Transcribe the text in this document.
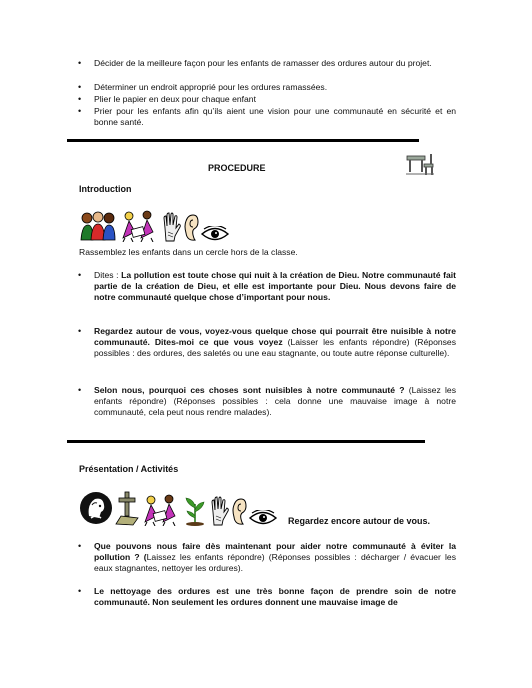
• Décider de la meilleure façon pour les enfants de ramasser des ordures autour du projet.
• Déterminer un endroit approprié pour les ordures ramassées.
• Plier le papier en deux pour chaque enfant
• Prier pour les enfants afin qu’ils aient une vision pour une communauté en sécurité et en bonne santé.
PROCEDURE
Introduction
Rassemblez les enfants dans un cercle hors de la classe.
• Dites : La pollution est toute chose qui nuit à la création de Dieu. Notre communauté fait partie de la création de Dieu, et elle est importante pour Dieu. Nous devons faire de notre communauté quelque chose d’important pour nous.
• Regardez autour de vous, voyez-vous quelque chose qui pourrait être nuisible à notre communauté. Dites-moi ce que vous voyez (Laisser les enfants répondre) (Réponses possibles : des ordures, des saletés ou une eau stagnante, ou toute autre réponse culturelle).
• Selon nous, pourquoi ces choses sont nuisibles à notre communauté ? (Laissez les enfants répondre) (Réponses possibles : cela donne une mauvaise image à notre communauté, cela peut nous rendre malades).
Présentation / Activités
Regardez encore autour de vous.
• Que pouvons nous faire dès maintenant pour aider notre communauté à éviter la pollution ? (Laissez les enfants répondre) (Réponses possibles : décharger / évacuer les eaux stagnantes, nettoyer les ordures).
• Le nettoyage des ordures est une très bonne façon de prendre soin de notre communauté. Non seulement les ordures donnent une mauvaise image de
